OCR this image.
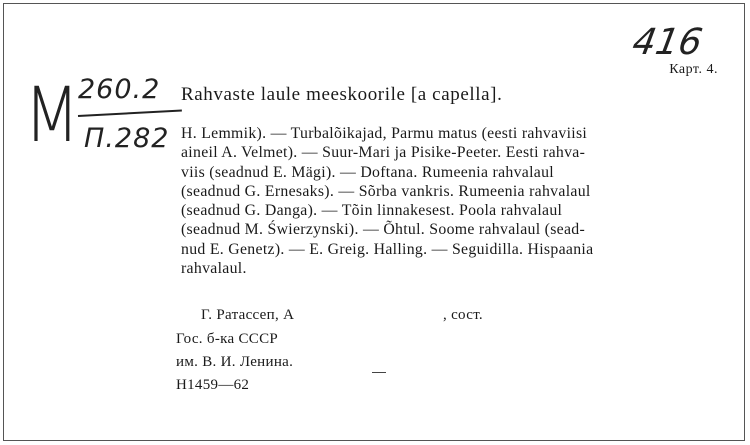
M 260.2
П.282
416
Карт. 4.
Rahvaste laule meeskoorile [a capella].
H. Lemmik). — Turbalõikajad, Parmu matus (eesti rahvaviisi
aineil A. Velmet). — Suur-Mari ja Pisike-Peeter. Eesti rahva-
viis (seadnud E. Mägi). — Doftana. Rumeenia rahvalaul
(seadnud G. Ernesaks). — Sõrba vankris. Rumeenia rahvalaul
(seadnud G. Danga). — Tõin linnakesest. Poola rahvalaul
(seadnud M. Świerzynski). — Õhtul. Soome rahvalaul (sead-
nud E. Genetz). — E. Greig. Halling. — Seguidilla. Hispaania
rahvalaul.
Г. Ратассеп, А	, сост.
Гос. б-ка СССР
им. В. И. Ленина.
Н1459—62
